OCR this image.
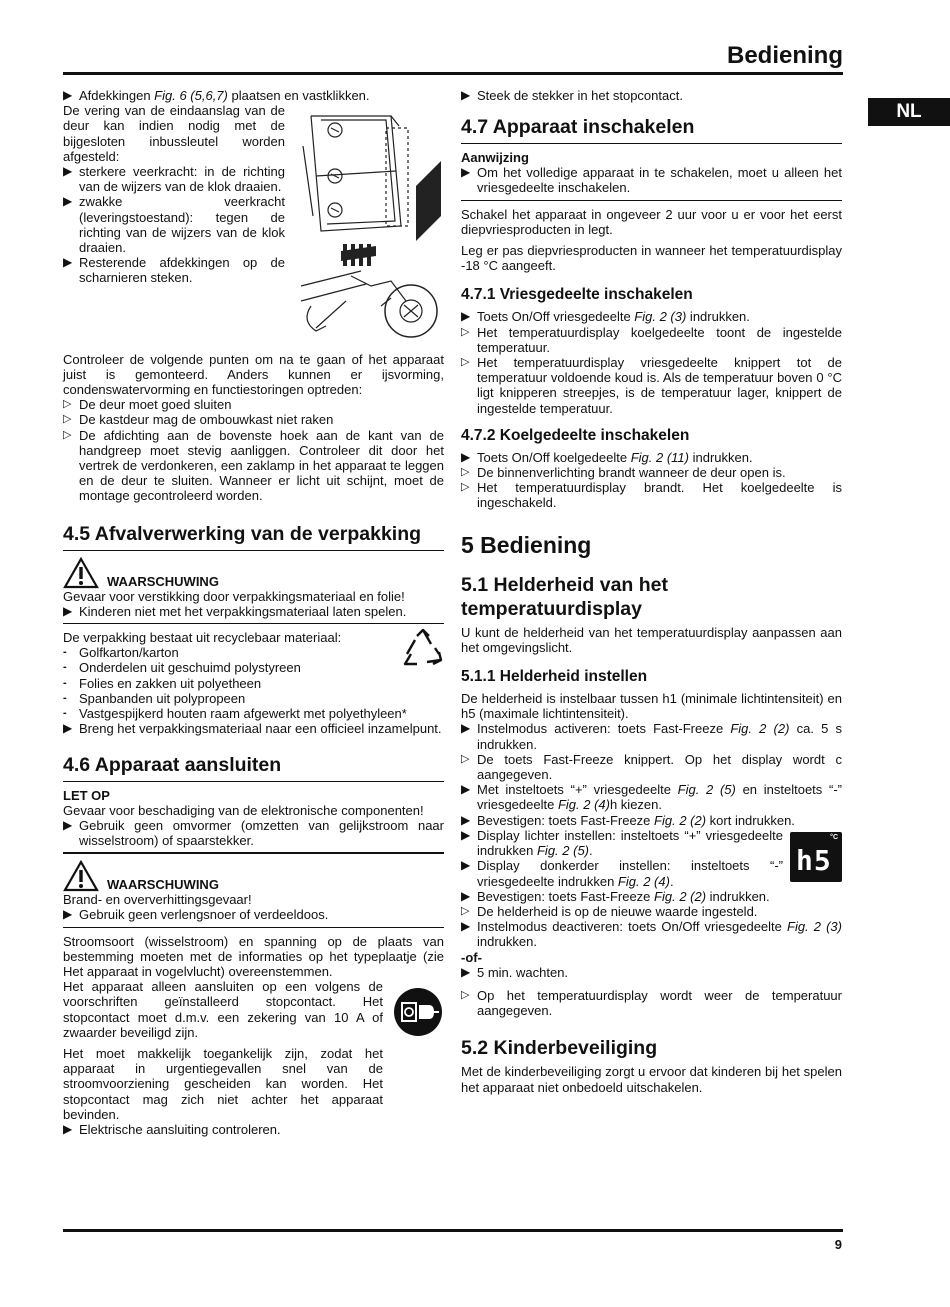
Bediening
NL
▶ Afdekkingen Fig. 6 (5,6,7) plaatsen en vastklikken.

De vering van de eindaanslag van de deur kan indien nodig met de bijgesloten inbussleutel worden afgesteld:

▶ sterkere veerkracht: in de richting van de wijzers van de klok draaien.
▶ zwakke veerkracht (leveringstoestand): tegen de richting van de wijzers van de klok draaien.
▶ Resterende afdekkingen op de scharnieren steken.

Controleer de volgende punten om na te gaan of het apparaat juist is gemonteerd. Anders kunnen er ijsvorming, condenswatervorming en functiestoringen optreden:

▷ De deur moet goed sluiten
▷ De kastdeur mag de ombouwkast niet raken
▷ De afdichting aan de bovenste hoek aan de kant van de handgreep moet stevig aanliggen. Controleer dit door het vertrek de verdonkeren, een zaklamp in het apparaat te leggen en de deur te sluiten. Wanneer er licht uit schijnt, moet de montage gecontroleerd worden.
4.5 Afvalverwerking van de verpakking
WAARSCHUWING

Gevaar voor verstikking door verpakkingsmateriaal en folie!

▶ Kinderen niet met het verpakkingsmateriaal laten spelen.

De verpakking bestaat uit recyclebaar materiaal:

- Golfkarton/karton
- Onderdelen uit geschuimd polystyreen
- Folies en zakken uit polyetheen
- Spanbanden uit polypropeen
- Vastgespijkerd houten raam afgewerkt met polyethyleen*
▶ Breng het verpakkingsmateriaal naar een officieel inzamelpunt.
4.6 Apparaat aansluiten
LET OP

Gevaar voor beschadiging van de elektronische componenten!

▶ Gebruik geen omvormer (omzetten van gelijkstroom naar wisselstroom) of spaarstekker.
WAARSCHUWING

Brand- en oververhittingsgevaar!

▶ Gebruik geen verlengsnoer of verdeeldoos.

Stroomsoort (wisselstroom) en spanning op de plaats van bestemming moeten met de informaties op het typeplaatje (zie Het apparaat in vogelvlucht) overeenstemmen.

Het apparaat alleen aansluiten op een volgens de voorschriften geïnstalleerd stopcontact. Het stopcontact moet d.m.v. een zekering van 10 A of zwaarder beveiligd zijn.

Het moet makkelijk toegankelijk zijn, zodat het apparaat in urgentiegevallen snel van de stroomvoorziening gescheiden kan worden. Het stopcontact mag zich niet achter het apparaat bevinden.

▶ Elektrische aansluiting controleren.
▶ Steek de stekker in het stopcontact.
4.7 Apparaat inschakelen
Aanwijzing
▶ Om het volledige apparaat in te schakelen, moet u alleen het vriesgedeelte inschakelen.

Schakel het apparaat in ongeveer 2 uur voor u er voor het eerst diepvriesproducten in legt.

Leg er pas diepvriesproducten in wanneer het temperatuurdisplay -18 °C aangeeft.

4.7.1 Vriesgedeelte inschakelen
▶ Toets On/Off vriesgedeelte Fig. 2 (3) indrukken.
▷ Het temperatuurdisplay koelgedeelte toont de ingestelde temperatuur.
▷ Het temperatuurdisplay vriesgedeelte knippert tot de temperatuur voldoende koud is. Als de temperatuur boven 0 °C ligt knipperen streepjes, is de temperatuur lager, knippert de ingestelde temperatuur.
4.7.2 Koelgedeelte inschakelen
▶ Toets On/Off koelgedeelte Fig. 2 (11) indrukken.
▷ De binnenverlichting brandt wanneer de deur open is.
▷ Het temperatuurdisplay brandt. Het koelgedeelte is ingeschakeld.
5 Bediening
5.1 Helderheid van het temperatuurdisplay

U kunt de helderheid van het temperatuurdisplay aanpassen aan het omgevingslicht.

5.1.1 Helderheid instellen

De helderheid is instelbaar tussen h1 (minimale lichtintensiteit) en h5 (maximale lichtintensiteit).

▶ Instelmodus activeren: toets Fast-Freeze Fig. 2 (2) ca. 5 s indrukken.
▷ De toets Fast-Freeze knippert. Op het display wordt c aangegeven.
▶ Met insteltoets “+” vriesgedeelte Fig. 2 (5) en insteltoets “-” vriesgedeelte Fig. 2 (4)h kiezen.
▶ Bevestigen: toets Fast-Freeze Fig. 2 (2) kort indrukken.
▶ Display lichter instellen: insteltoets “+” vriesgedeelte indrukken Fig. 2 (5).
▶ Display donkerder instellen: insteltoets “-” vriesgedeelte indrukken Fig. 2 (4).
▶ Bevestigen: toets Fast-Freeze Fig. 2 (2) indrukken.
°C
h5
▷ De helderheid is op de nieuwe waarde ingesteld.
▶ Instelmodus deactiveren: toets On/Off vriesgedeelte Fig. 2 (3) indrukken.

-of-

▶ 5 min. wachten.
▷ Op het temperatuurdisplay wordt weer de temperatuur aangegeven.
5.2 Kinderbeveiliging

Met de kinderbeveiliging zorgt u ervoor dat kinderen bij het spelen het apparaat niet onbedoeld uitschakelen.

9
